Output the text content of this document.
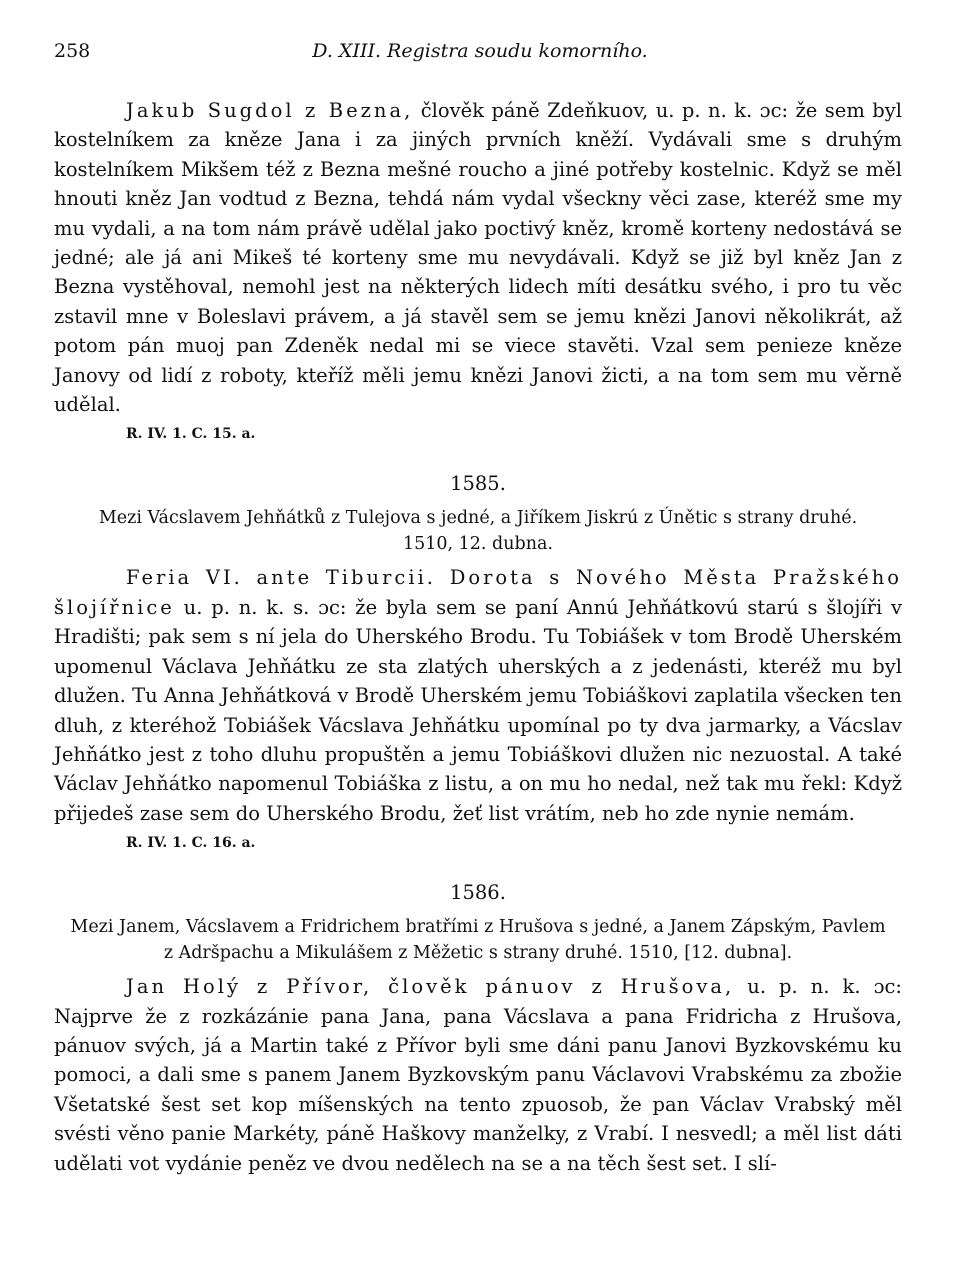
258	D. XIII. Registra soudu komorního.

Jakub Sugdol z Bezna, člověk páně Zdeňkuov, u. p. n. k. ɔc: že sem byl kostelníkem za kněze Jana i za jiných prvních kněží. Vydávali sme s druhým kostelníkem Mikšem též z Bezna mešné roucho a jiné potřeby kostelnic. Když se měl hnouti kněz Jan vodtud z Bezna, tehdá nám vydal všeckny věci zase, kteréž sme my mu vydali, a na tom nám právě udělal jako poctivý kněz, kromě korteny nedostává se jedné; ale já ani Mikeš té korteny sme mu nevydávali. Když se již byl kněz Jan z Bezna vystěhoval, nemohl jest na některých lidech míti desátku svého, i pro tu věc zstavil mne v Boleslavi právem, a já stavěl sem se jemu knězi Janovi několikrát, až potom pán muoj pan Zdeněk nedal mi se viece stavěti. Vzal sem penieze kněze Janovy od lidí z roboty, kteříž měli jemu knězi Janovi žicti, a na tom sem mu věrně udělal.

R. IV. 1. C. 15. a.

1585.

Mezi Vácslavem Jehňátků z Tulejova s jedné, a Jiříkem Jiskrú z Únětic s strany druhé.
1510, 12. dubna.

Feria VI. ante Tiburcii. Dorota s Nového Města Pražského šlojířnice u. p. n. k. s. ɔc: že byla sem se paní Annú Jehňátkovú starú s šlojíři v Hradišti; pak sem s ní jela do Uherského Brodu. Tu Tobiášek v tom Brodě Uherském upomenul Václava Jehňátku ze sta zlatých uherských a z jedenásti, kteréž mu byl dlužen. Tu Anna Jehňátková v Brodě Uherském jemu Tobiáškovi zaplatila všecken ten dluh, z kteréhož Tobiášek Vácslava Jehňátku upomínal po ty dva jarmarky, a Vácslav Jehňátko jest z toho dluhu propuštěn a jemu Tobiáškovi dlužen nic nezuostal. A také Václav Jehňátko napomenul Tobiáška z listu, a on mu ho nedal, než tak mu řekl: Když přijedeš zase sem do Uherského Brodu, žeť list vrátím, neb ho zde nynie nemám.

R. IV. 1. C. 16. a.

1586.

Mezi Janem, Vácslavem a Fridrichem bratřími z Hrušova s jedné, a Janem Zápským, Pavlem
z Adršpachu a Mikulášem z Měžetic s strany druhé. 1510, [12. dubna].

Jan Holý z Přívor, člověk pánuov z Hrušova, u. p. n. k. ɔc: Najprve že z rozkázánie pana Jana, pana Vácslava a pana Fridricha z Hrušova, pánuov svých, já a Martin také z Přívor byli sme dáni panu Janovi Byzkovskému ku pomoci, a dali sme s panem Janem Byzkovským panu Václavovi Vrabskému za zbožie Všetatské šest set kop míšenských na tento zpuosob, že pan Václav Vrabský měl svésti věno panie Markéty, páně Haškovy manželky, z Vrabí. I nesvedl; a měl list dáti udělati vot vydánie peněz ve dvou nedělech na se a na těch šest set. I slí-
